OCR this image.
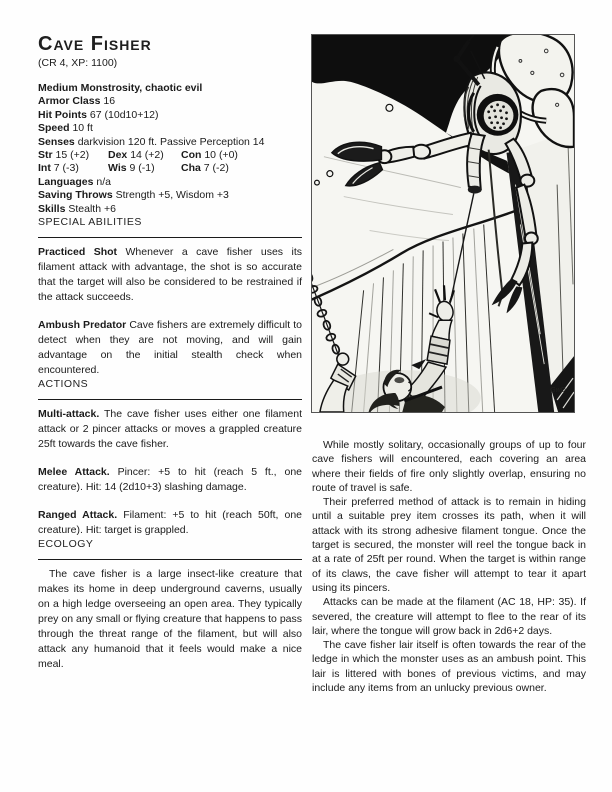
Cave Fisher
(CR 4, XP: 1100)
Medium Monstrosity, chaotic evil
Armor Class 16
Hit Points 67 (10d10+12)
Speed 10 ft
Senses darkvision 120 ft. Passive Perception 14
Str 15 (+2)	Dex 14 (+2)	Con 10 (+0)
Int 7 (-3)	Wis 9 (-1)	Cha 7 (-2)
Languages n/a
Saving Throws Strength +5, Wisdom +3
Skills Stealth +6
SPECIAL ABILITIES

Practiced Shot Whenever a cave fisher uses its filament attack with advantage, the shot is so accurate that the target will also be considered to be restrained if the attack succeeds.

Ambush Predator Cave fishers are extremely difficult to detect when they are not moving, and will gain advantage on the initial stealth check when encountered.

ACTIONS

Multi-attack. The cave fisher uses either one filament attack or 2 pincer attacks or moves a grappled creature 25ft towards the cave fisher.

Melee Attack. Pincer: +5 to hit (reach 5 ft., one creature). Hit: 14 (2d10+3) slashing damage.

Ranged Attack. Filament: +5 to hit (reach 50ft, one creature). Hit: target is grappled.

ECOLOGY

The cave fisher is a large insect-like creature that makes its home in deep underground caverns, usually on a high ledge overseeing an open area. They typically prey on any small or flying creature that happens to pass through the threat range of the filament, but will also attack any humanoid that it feels would make a nice meal.

GwD

While mostly solitary, occasionally groups of up to four cave fishers will encountered, each covering an area where their fields of fire only slightly overlap, ensuring no route of travel is safe.

Their preferred method of attack is to remain in hiding until a suitable prey item crosses its path, when it will attack with its strong adhesive filament tongue. Once the target is secured, the monster will reel the tongue back in at a rate of 25ft per round. When the target is within range of its claws, the cave fisher will attempt to tear it apart using its pincers.

Attacks can be made at the filament (AC 18, HP: 35). If severed, the creature will attempt to flee to the rear of its lair, where the tongue will grow back in 2d6+2 days.

The cave fisher lair itself is often towards the rear of the ledge in which the monster uses as an ambush point. This lair is littered with bones of previous victims, and may include any items from an unlucky previous owner.
